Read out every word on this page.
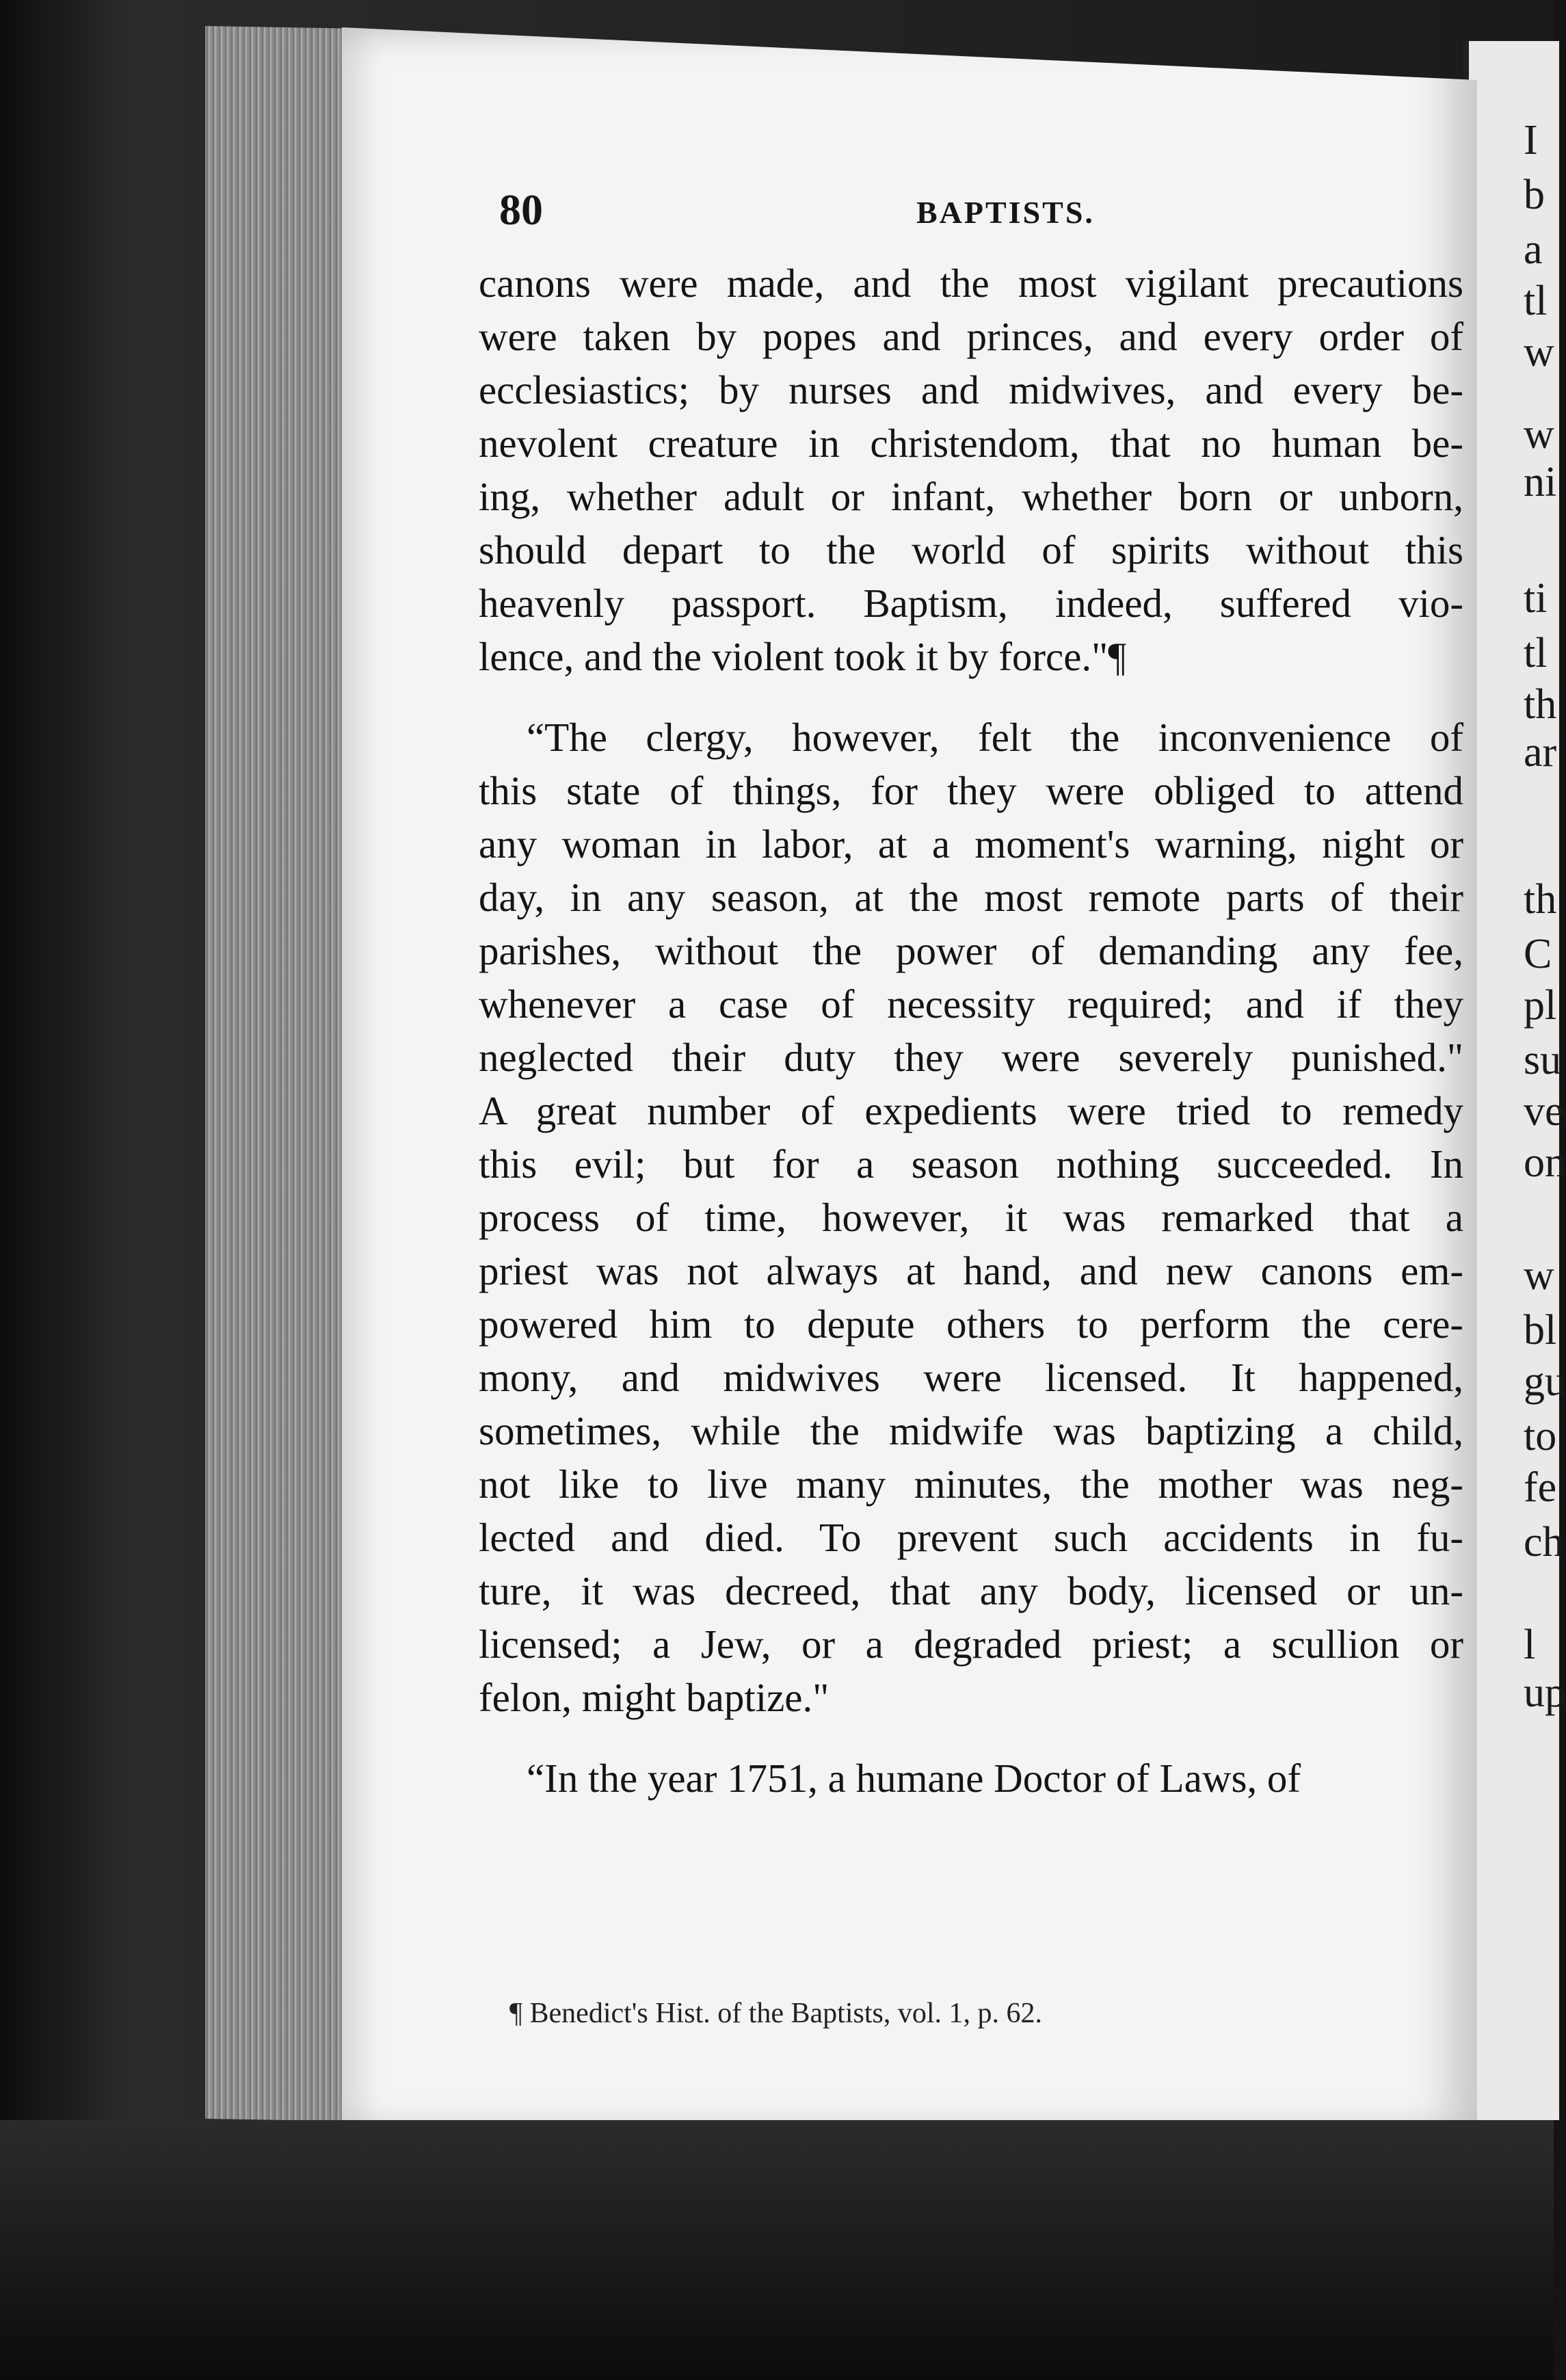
I
b
a
tl
w
w
ni
ti
tl
th
ar
th
C
pl
su
ve
on
w
bl
gu
to
fe
ch
l
up
80	BAPTISTS.
canons were made, and the most vigilant precautions
were taken by popes and princes, and every order of
ecclesiastics; by nurses and midwives, and every be-
nevolent creature in christendom, that no human be-
ing, whether adult or infant, whether born or unborn,
should depart to the world of spirits without this
heavenly passport. Baptism, indeed, suffered vio-
lence, and the violent took it by force."¶
“The clergy, however, felt the inconvenience of
this state of things, for they were obliged to attend
any woman in labor, at a moment's warning, night or
day, in any season, at the most remote parts of their
parishes, without the power of demanding any fee,
whenever a case of necessity required; and if they
neglected their duty they were severely punished."
A great number of expedients were tried to remedy
this evil; but for a season nothing succeeded. In
process of time, however, it was remarked that a
priest was not always at hand, and new canons em-
powered him to depute others to perform the cere-
mony, and midwives were licensed. It happened,
sometimes, while the midwife was baptizing a child,
not like to live many minutes, the mother was neg-
lected and died. To prevent such accidents in fu-
ture, it was decreed, that any body, licensed or un-
licensed; a Jew, or a degraded priest; a scullion or
felon, might baptize."
“In the year 1751, a humane Doctor of Laws, of
¶ Benedict's Hist. of the Baptists, vol. 1, p. 62.
